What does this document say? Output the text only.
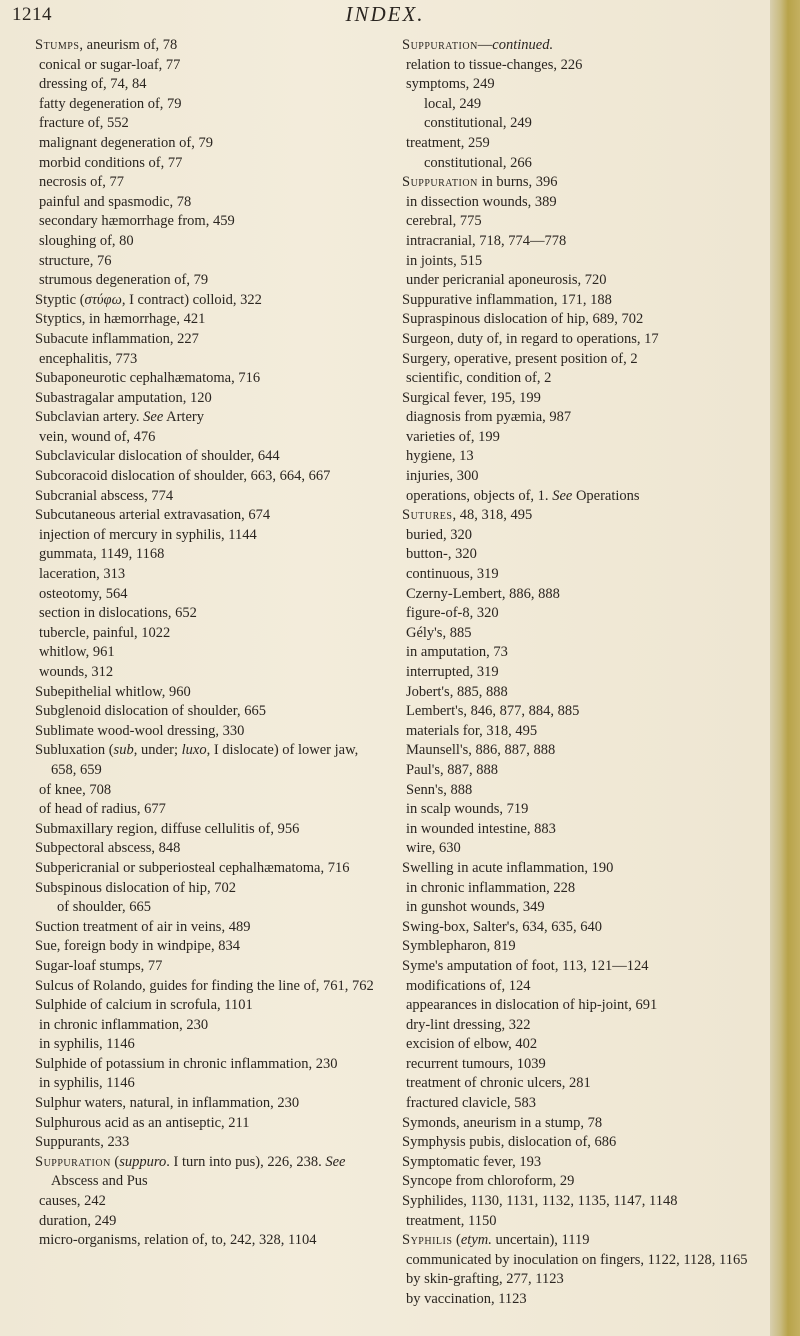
1214	INDEX.
Stumps, aneurism of, 78
conical or sugar-loaf, 77
dressing of, 74, 84
fatty degeneration of, 79
fracture of, 552
malignant degeneration of, 79
morbid conditions of, 77
necrosis of, 77
painful and spasmodic, 78
secondary hæmorrhage from, 459
sloughing of, 80
structure, 76
strumous degeneration of, 79
Styptic (στύφω, I contract) colloid, 322
Styptics, in hæmorrhage, 421
Subacute inflammation, 227
encephalitis, 773
Subaponeurotic cephalhæmatoma, 716
Subastragalar amputation, 120
Subclavian artery. See Artery
vein, wound of, 476
Subclavicular dislocation of shoulder, 644
Subcoracoid dislocation of shoulder, 663, 664, 667
Subcranial abscess, 774
Subcutaneous arterial extravasation, 674
injection of mercury in syphilis, 1144
gummata, 1149, 1168
laceration, 313
osteotomy, 564
section in dislocations, 652
tubercle, painful, 1022
whitlow, 961
wounds, 312
Subepithelial whitlow, 960
Subglenoid dislocation of shoulder, 665
Sublimate wood-wool dressing, 330
Subluxation (sub, under; luxo, I dislocate) of lower jaw, 658, 659
of knee, 708
of head of radius, 677
Submaxillary region, diffuse cellulitis of, 956
Subpectoral abscess, 848
Subpericranial or subperiosteal cephalhæmatoma, 716
Subspinous dislocation of hip, 702
of shoulder, 665
Suction treatment of air in veins, 489
Sue, foreign body in windpipe, 834
Sugar-loaf stumps, 77
Sulcus of Rolando, guides for finding the line of, 761, 762
Sulphide of calcium in scrofula, 1101
in chronic inflammation, 230
in syphilis, 1146
Sulphide of potassium in chronic inflammation, 230
in syphilis, 1146
Sulphur waters, natural, in inflammation, 230
Sulphurous acid as an antiseptic, 211
Suppurants, 233
Suppuration (suppuro. I turn into pus), 226, 238. See Abscess and Pus
causes, 242
duration, 249
micro-organisms, relation of, to, 242, 328, 1104
Suppuration—continued.
relation to tissue-changes, 226
symptoms, 249
local, 249
constitutional, 249
treatment, 259
constitutional, 266
Suppuration in burns, 396
in dissection wounds, 389
cerebral, 775
intracranial, 718, 774—778
in joints, 515
under pericranial aponeurosis, 720
Suppurative inflammation, 171, 188
Supraspinous dislocation of hip, 689, 702
Surgeon, duty of, in regard to operations, 17
Surgery, operative, present position of, 2
scientific, condition of, 2
Surgical fever, 195, 199
diagnosis from pyæmia, 987
varieties of, 199
hygiene, 13
injuries, 300
operations, objects of, 1. See Operations
Sutures, 48, 318, 495
buried, 320
button-, 320
continuous, 319
Czerny-Lembert, 886, 888
figure-of-8, 320
Gély's, 885
in amputation, 73
interrupted, 319
Jobert's, 885, 888
Lembert's, 846, 877, 884, 885
materials for, 318, 495
Maunsell's, 886, 887, 888
Paul's, 887, 888
Senn's, 888
in scalp wounds, 719
in wounded intestine, 883
wire, 630
Swelling in acute inflammation, 190
in chronic inflammation, 228
in gunshot wounds, 349
Swing-box, Salter's, 634, 635, 640
Symblepharon, 819
Syme's amputation of foot, 113, 121—124
modifications of, 124
appearances in dislocation of hip-joint, 691
dry-lint dressing, 322
excision of elbow, 402
recurrent tumours, 1039
treatment of chronic ulcers, 281
fractured clavicle, 583
Symonds, aneurism in a stump, 78
Symphysis pubis, dislocation of, 686
Symptomatic fever, 193
Syncope from chloroform, 29
Syphilides, 1130, 1131, 1132, 1135, 1147, 1148
treatment, 1150
Syphilis (etym. uncertain), 1119
communicated by inoculation on fingers, 1122, 1128, 1165
by skin-grafting, 277, 1123
by vaccination, 1123
